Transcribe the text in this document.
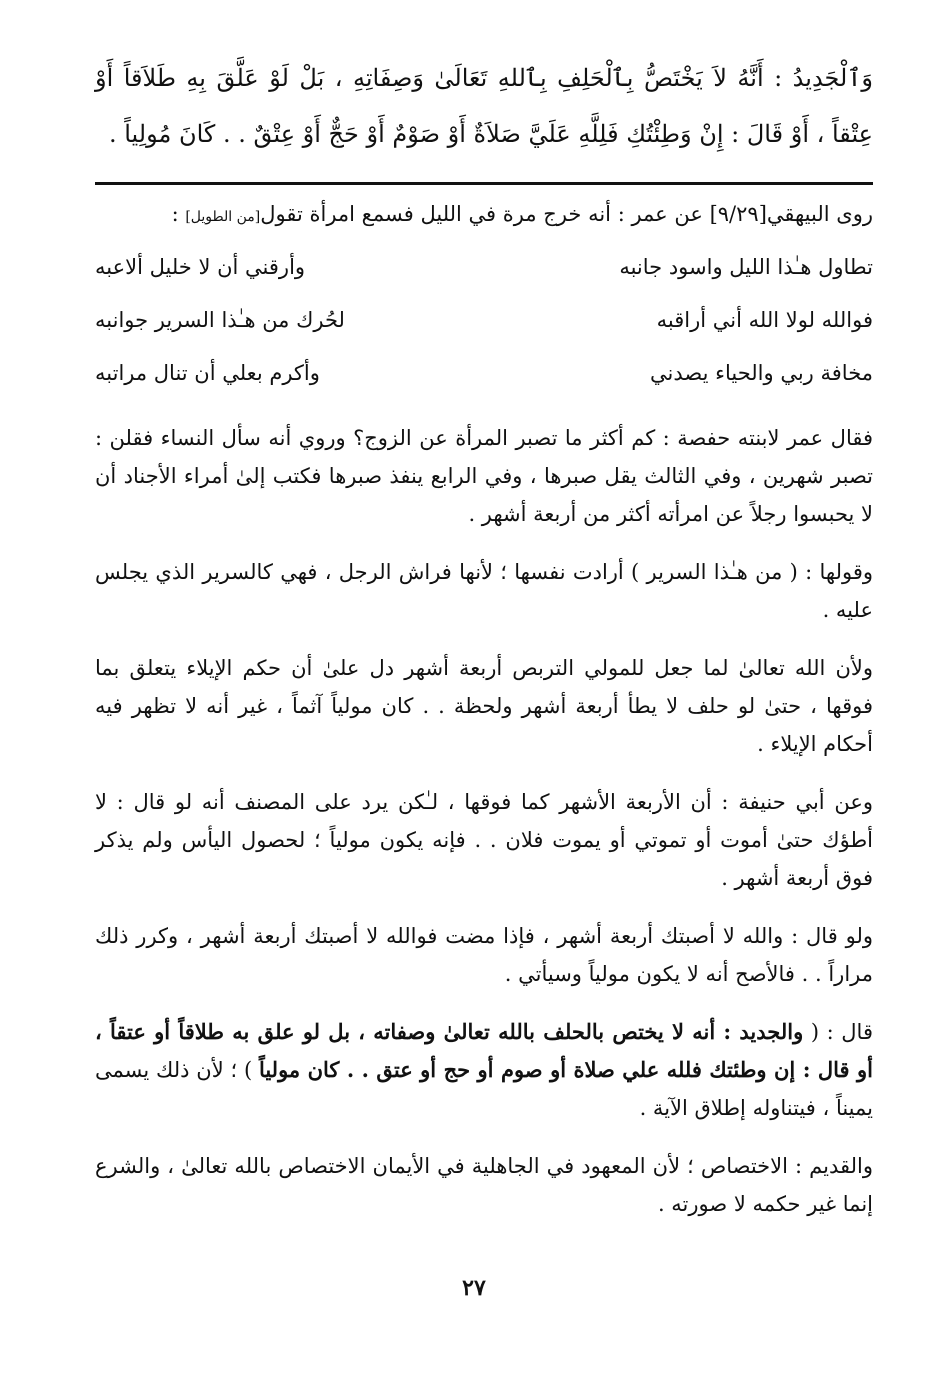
وَٱلْجَدِيدُ : أَنَّهُ لاَ يَخْتَصُّ بِٱلْحَلِفِ بِٱللهِ تَعَالَىٰ وَصِفَاتِهِ ، بَلْ لَوْ عَلَّقَ بِهِ طَلاَقاً أَوْ عِتْقاً ، أَوْ قَالَ : إِنْ وَطِئْتُكِ فَلِلَّهِ عَلَيَّ صَلاَةٌ أَوْ صَوْمٌ أَوْ حَجٌّ أَوْ عِتْقٌ . . كَانَ مُولِياً .

روى البيهقي[٩/٢٩] عن عمر : أنه خرج مرة في الليل فسمع امرأة تقول[من الطويل] :

تطاول هـٰذا الليل واسود جانبه
وأرقني أن لا خليل ألاعبه
فوالله لولا الله أني أراقبه
لحُرك من هـٰذا السرير جوانبه
مخافة ربي والحياء يصدني
وأكرم بعلي أن تنال مراتبه

فقال عمر لابنته حفصة : كم أكثر ما تصبر المرأة عن الزوج؟ وروي أنه سأل النساء فقلن : تصبر شهرين ، وفي الثالث يقل صبرها ، وفي الرابع ينفذ صبرها فكتب إلىٰ أمراء الأجناد أن لا يحبسوا رجلاً عن امرأته أكثر من أربعة أشهر .

وقولها : ( من هـٰذا السرير ) أرادت نفسها ؛ لأنها فراش الرجل ، فهي كالسرير الذي يجلس عليه .

ولأن الله تعالىٰ لما جعل للمولي التربص أربعة أشهر دل علىٰ أن حكم الإيلاء يتعلق بما فوقها ، حتىٰ لو حلف لا يطأ أربعة أشهر ولحظة . . كان مولياً آثماً ، غير أنه لا تظهر فيه أحكام الإيلاء .

وعن أبي حنيفة : أن الأربعة الأشهر كما فوقها ، لـٰكن يرد على المصنف أنه لو قال : لا أطؤك حتىٰ أموت أو تموتي أو يموت فلان . . فإنه يكون مولياً ؛ لحصول اليأس ولم يذكر فوق أربعة أشهر .

ولو قال : والله لا أصبتك أربعة أشهر ، فإذا مضت فوالله لا أصبتك أربعة أشهر ، وكرر ذلك مراراً . . فالأصح أنه لا يكون مولياً وسيأتي .

قال : ( والجديد : أنه لا يختص بالحلف بالله تعالىٰ وصفاته ، بل لو علق به طلاقاً أو عتقاً ، أو قال : إن وطئتك فلله علي صلاة أو صوم أو حج أو عتق . . كان مولياً ) ؛ لأن ذلك يسمى يميناً ، فيتناوله إطلاق الآية .

والقديم : الاختصاص ؛ لأن المعهود في الجاهلية في الأيمان الاختصاص بالله تعالىٰ ، والشرع إنما غير حكمه لا صورته .

٢٧
